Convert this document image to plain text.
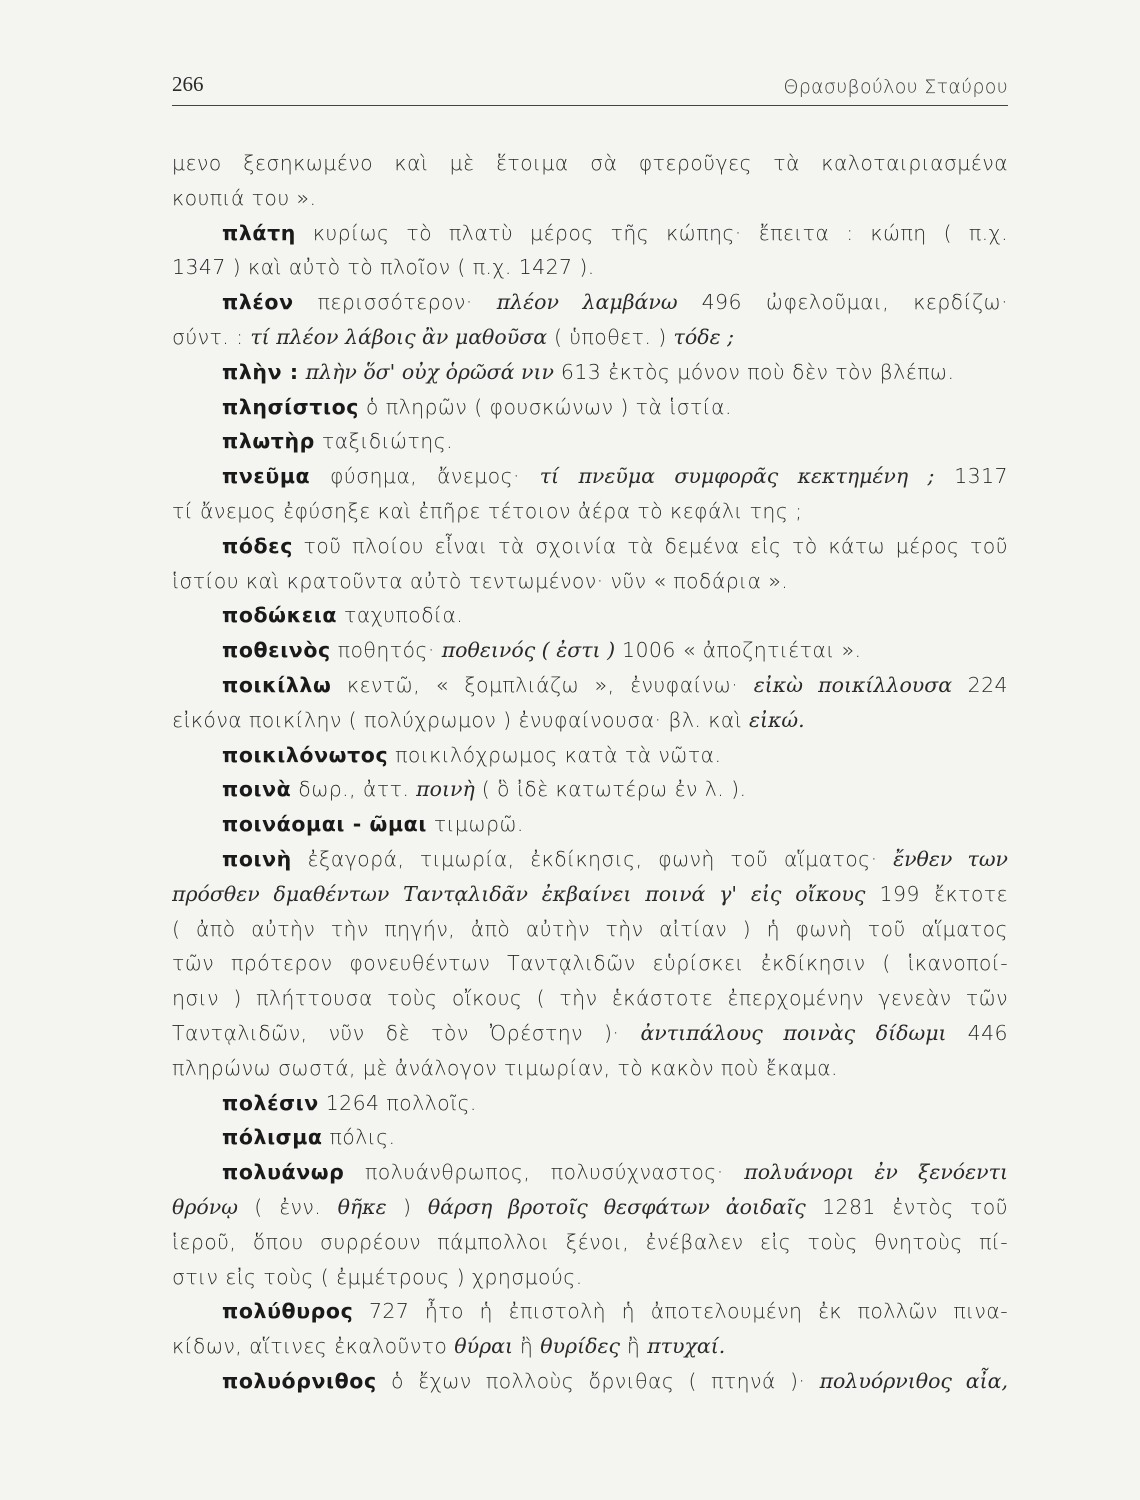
266	Θρασυβούλου Σταύρου
μενο ξεσηκωμένο καὶ μὲ ἕτοιμα σὰ φτεροῦγες τὰ καλοταιριασμένα
κουπιά του ».
πλάτη κυρίως τὸ πλατὺ μέρος τῆς κώπης· ἔπειτα : κώπη ( π.χ.
1347 ) καὶ αὐτὸ τὸ πλοῖον ( π.χ. 1427 ).
πλέον περισσότερον· πλέον λαμβάνω 496 ὠφελοῦμαι, κερδίζω·
σύντ. : τί πλέον λάβοις ἂν μαθοῦσα ( ὑποθετ. ) τόδε ;
πλὴν : πλὴν ὅσ' οὐχ ὁρῶσά νιν 613 ἐκτὸς μόνον ποὺ δὲν τὸν βλέπω.
πλησίστιος ὁ πληρῶν ( φουσκώνων ) τὰ ἱστία.
πλωτὴρ ταξιδιώτης.
πνεῦμα φύσημα, ἄνεμος· τί πνεῦμα συμφορᾶς κεκτημένη ; 1317
τί ἄνεμος ἐφύσηξε καὶ ἐπῆρε τέτοιον ἀέρα τὸ κεφάλι της ;
πόδες τοῦ πλοίου εἶναι τὰ σχοινία τὰ δεμένα εἰς τὸ κάτω μέρος τοῦ
ἱστίου καὶ κρατοῦντα αὐτὸ τεντωμένον· νῦν « ποδάρια ».
ποδώκεια ταχυποδία.
ποθεινὸς ποθητός· ποθεινός ( ἐστι ) 1006 « ἀποζητιέται ».
ποικίλλω κεντῶ, « ξομπλιάζω », ἐνυφαίνω· εἰκὼ ποικίλλουσα 224
εἰκόνα ποικίλην ( πολύχρωμον ) ἐνυφαίνουσα· βλ. καὶ εἰκώ.
ποικιλόνωτος ποικιλόχρωμος κατὰ τὰ νῶτα.
ποινὰ δωρ., ἀττ. ποινὴ ( ὃ ἰδὲ κατωτέρω ἐν λ. ).
ποινάομαι - ῶμαι τιμωρῶ.
ποινὴ ἐξαγορά, τιμωρία, ἐκδίκησις, φωνὴ τοῦ αἵματος· ἔνθεν των
πρόσθεν δμαθέντων Ταντᾳλιδᾶν ἐκβαίνει ποινά γ' εἰς οἴκους 199 ἔκτοτε
( ἀπὸ αὐτὴν τὴν πηγήν, ἀπὸ αὐτὴν τὴν αἰτίαν ) ἡ φωνὴ τοῦ αἵματος
τῶν πρότερον φονευθέντων Ταντᾳλιδῶν εὑρίσκει ἐκδίκησιν ( ἱκανοποί-
ησιν ) πλήττουσα τοὺς οἴκους ( τὴν ἑκάστοτε ἐπερχομένην γενεὰν τῶν
Ταντᾳλιδῶν, νῦν δὲ τὸν Ὀρέστην )· ἀντιπάλους ποινὰς δίδωμι 446
πληρώνω σωστά, μὲ ἀνάλογον τιμωρίαν, τὸ κακὸν ποὺ ἔκαμα.
πολέσιν 1264 πολλοῖς.
πόλισμα πόλις.
πολυάνωρ πολυάνθρωπος, πολυσύχναστος· πολυάνορι ἐν ξενόεντι
θρόνῳ ( ἐνν. θῆκε ) θάρση βροτοῖς θεσφάτων ἀοιδαῖς 1281 ἐντὸς τοῦ
ἱεροῦ, ὅπου συρρέουν πάμπολλοι ξένοι, ἐνέβαλεν εἰς τοὺς θνητοὺς πί-
στιν εἰς τοὺς ( ἐμμέτρους ) χρησμούς.
πολύθυρος 727 ἦτο ἡ ἐπιστολὴ ἡ ἀποτελουμένη ἐκ πολλῶν πινα-
κίδων, αἵτινες ἐκαλοῦντο θύραι ἢ θυρίδες ἢ πτυχαί.
πολυόρνιθος ὁ ἔχων πολλοὺς ὄρνιθας ( πτηνά )· πολυόρνιθος αἶα,
